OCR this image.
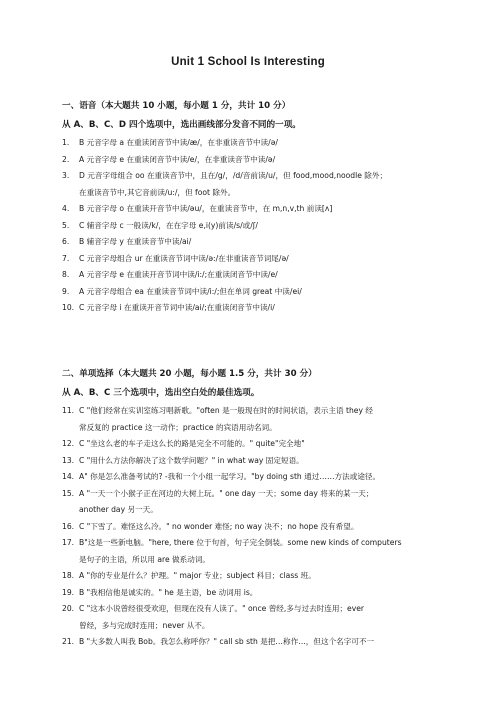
Unit 1 School Is Interesting
一、语音（本大题共 10 小题，每小题 1 分，共计 10 分）
从 A、B、C、D 四个选项中，选出画线部分发音不同的一项。
1.	B 元音字母 a 在重读闭音节中读/æ/，在非重读音节中读/ə/
2.	A 元音字母 e 在重读闭音节中读/e/，在非重读音节中读/ə/
3.	D 元音字母组合 oo 在重读音节中，且在/g/，/d/音前读/u/，但 food,mood,noodle 除外；
在重读音节中,其它音前读/u:/，但 foot 除外。
4.	B 元音字母 o 在重读开音节中读/əu/，在重读音节中，在 m,n,v,th 前读[ʌ]
5.	C 辅音字母 c 一般读/k/，在在字母 e,i(y)前读/s/或/ʃ/
6.	B 辅音字母 y 在重读音节中读/ai/
7.	C 元音字母组合 ur 在重读音节词中读/ə:/在非重读音节词尾/ə/
8.	A 元音字母 e 在重读开音节词中读/i:/;在重读闭音节中读/e/
9.	A 元音字母组合 ea 在重读音节词中读/i:/;但在单词 great 中读/ei/
10. C 元音字母 i 在重读开音节词中读/ai/;在重读闭音节中读/i/
二、单项选择（本大题共 20 小题，每小题 1.5 分，共计 30 分）
从 A、B、C 三个选项中，选出空白处的最佳选项。
11. C "他们经常在实训室练习唱新歌。"often 是一般现在时的时间状语，表示主语 they 经
常反复的 practice 这一动作；practice 的宾语用动名词。
12. C "坐这么老的车子走这么长的路是完全不可能的。" quite"完全地"
13. C "用什么方法你解决了这个数学问题？" in what way 固定短语。
14. A" 你是怎么准备考试的? -我和一个小组一起学习。"by doing sth 通过……方法或途径。
15. A "一天一个小猴子正在河边的大树上玩。" one day 一天；some day 将来的某一天；
another day 另一天。
16. C "下雪了。难怪这么冷。" no wonder 难怪; no way 决不；no hope 没有希望。
17. B"这是一些新电脑。"here, there 位于句首，句子完全倒装。some new kinds of computers
是句子的主语，所以用 are 做系动词。
18. A "你的专业是什么？护理。" major 专业；subject 科目；class 班。
19. B "我相信他是诚实的。" he 是主语，be 动词用 is。
20. C "这本小说曾经很受欢迎，但现在没有人读了。" once 曾经,多与过去时连用；ever
曾经，多与完成时连用；never 从不。
21. B "大多数人叫我 Bob。我怎么称呼你？" call sb sth 是把…称作…，但这个名字可不一
